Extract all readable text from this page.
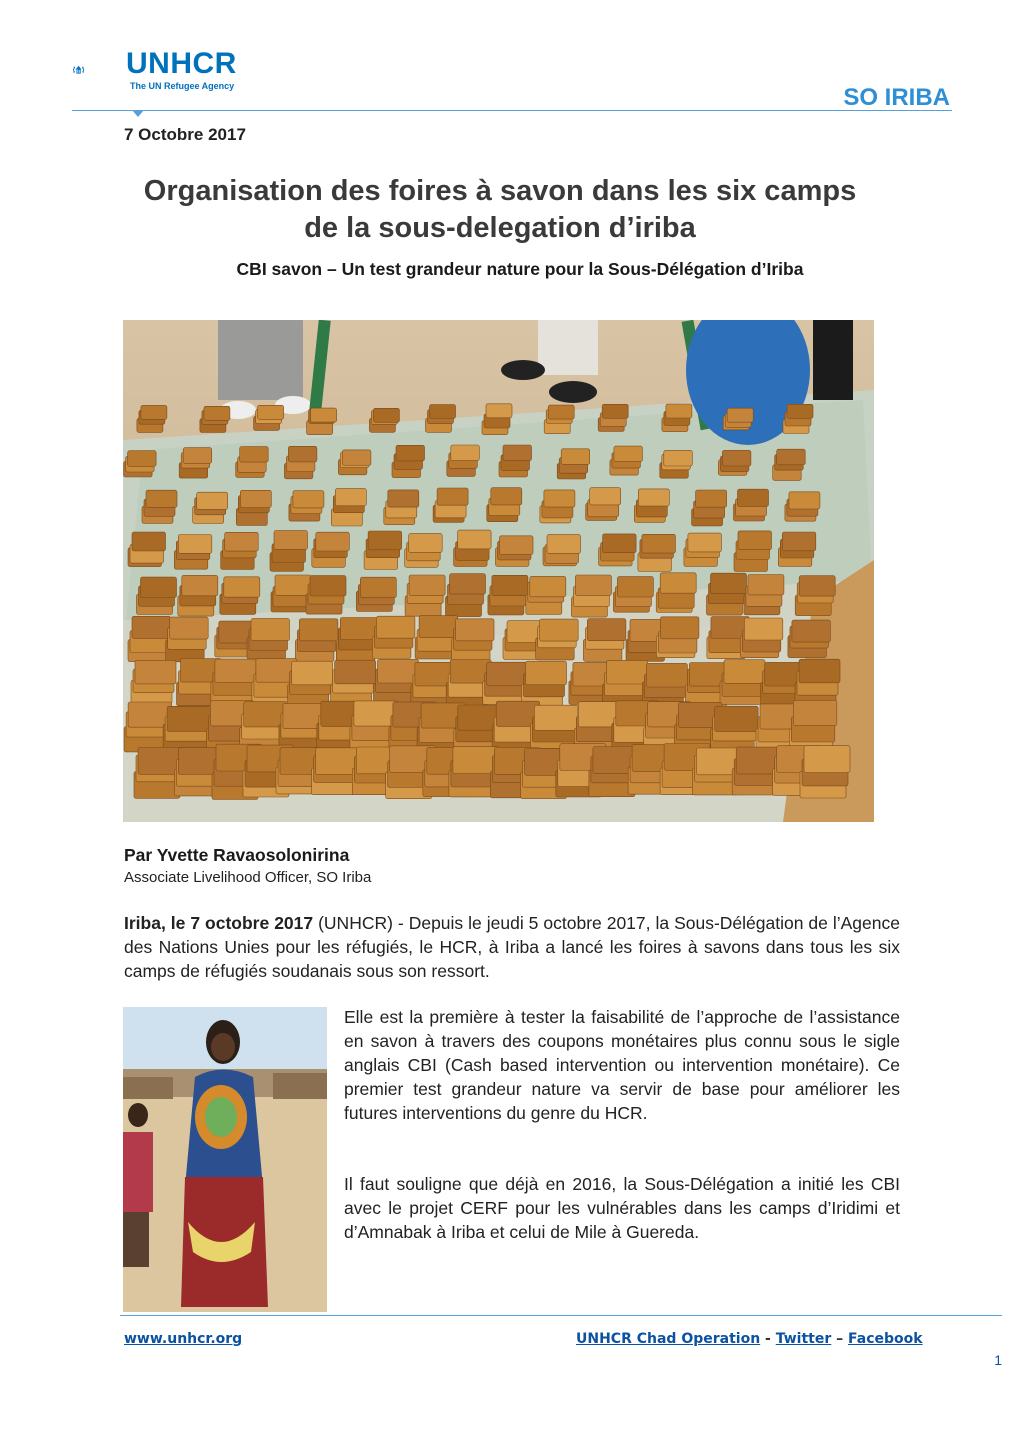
UNHCR
The UN Refugee Agency	SO IRIBA
7 Octobre 2017
Organisation des foires à savon dans les six camps
de la sous-delegation d’iriba
CBI savon – Un test grandeur nature pour la Sous-Délégation d’Iriba
Par Yvette Ravaosolonirina
Associate Livelihood Officer, SO Iriba

Iriba, le 7 octobre 2017 (UNHCR) - Depuis le jeudi 5 octobre 2017, la Sous-Délégation de l’Agence des Nations Unies pour les réfugiés, le HCR, à Iriba a lancé les foires à savons dans tous les six camps de réfugiés soudanais sous son ressort.

Elle est la première à tester la faisabilité de l’approche de l’assistance en savon à travers des coupons monétaires plus connu sous le sigle anglais CBI (Cash based intervention ou intervention monétaire). Ce premier test grandeur nature va servir de base pour améliorer les futures interventions du genre du HCR.

Il faut souligne que déjà en 2016, la Sous-Délégation a initié les CBI avec le projet CERF pour les vulnérables dans les camps d’Iridimi et d’Amnabak à Iriba et celui de Mile à Guereda.

www.unhcr.org	UNHCR Chad Operation - Twitter – Facebook
1
